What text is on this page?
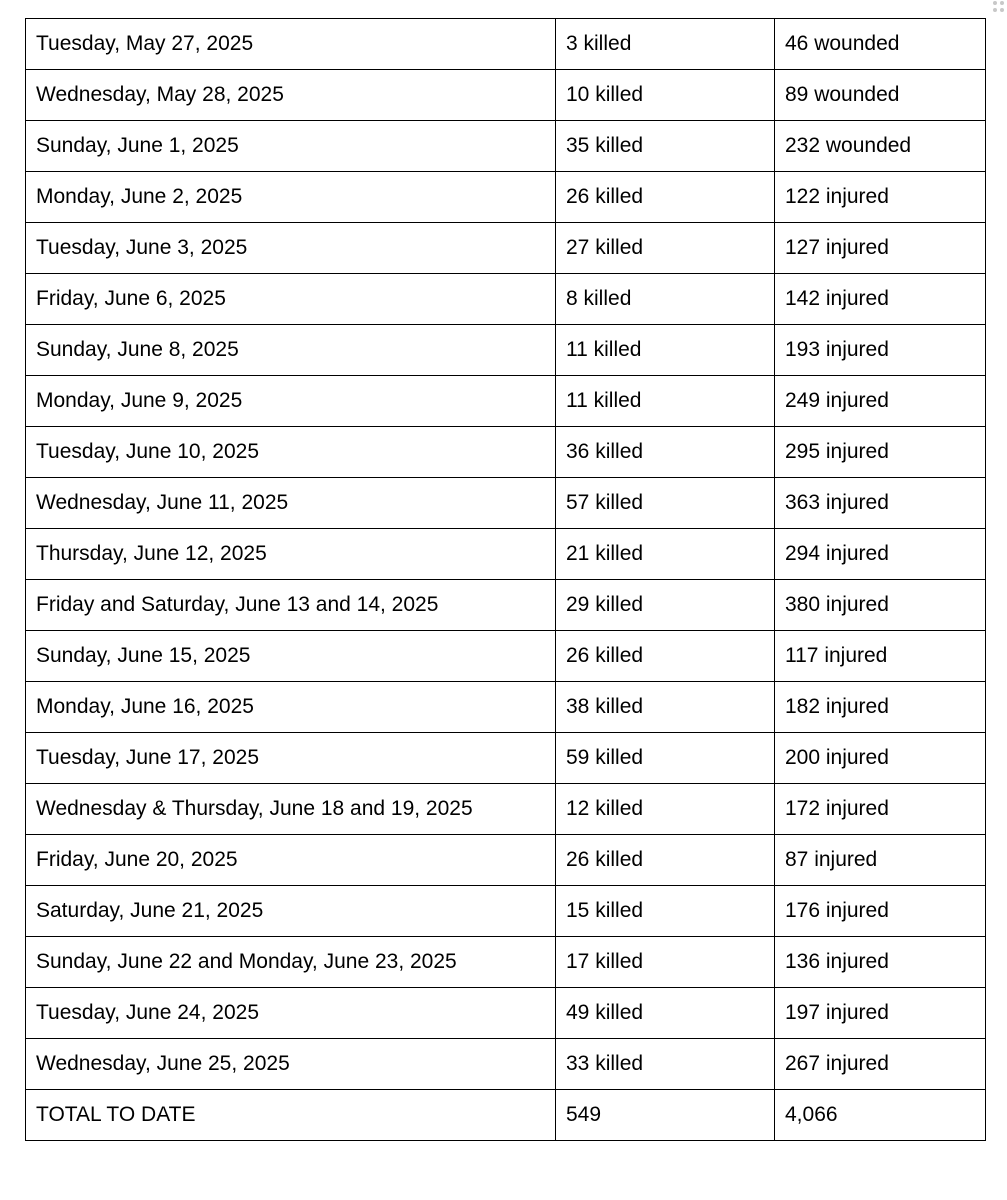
Tuesday, May 27, 2025	3 killed	46 wounded
Wednesday, May 28, 2025	10 killed	89 wounded
Sunday, June 1, 2025	35 killed	232 wounded
Monday, June 2, 2025	26 killed	122 injured
Tuesday, June 3, 2025	27 killed	127 injured
Friday, June 6, 2025	8 killed	142 injured
Sunday, June 8, 2025	11 killed	193 injured
Monday, June 9, 2025	11 killed	249 injured
Tuesday, June 10, 2025	36 killed	295 injured
Wednesday, June 11, 2025	57 killed	363 injured
Thursday, June 12, 2025	21 killed	294 injured
Friday and Saturday, June 13 and 14, 2025	29 killed	380 injured
Sunday, June 15, 2025	26 killed	117 injured
Monday, June 16, 2025	38 killed	182 injured
Tuesday, June 17, 2025	59 killed	200 injured
Wednesday & Thursday, June 18 and 19, 2025	12 killed	172 injured
Friday, June 20, 2025	26 killed	87 injured
Saturday, June 21, 2025	15 killed	176 injured
Sunday, June 22 and Monday, June 23, 2025	17 killed	136 injured
Tuesday, June 24, 2025	49 killed	197 injured
Wednesday, June 25, 2025	33 killed	267 injured
TOTAL TO DATE	549	4,066
